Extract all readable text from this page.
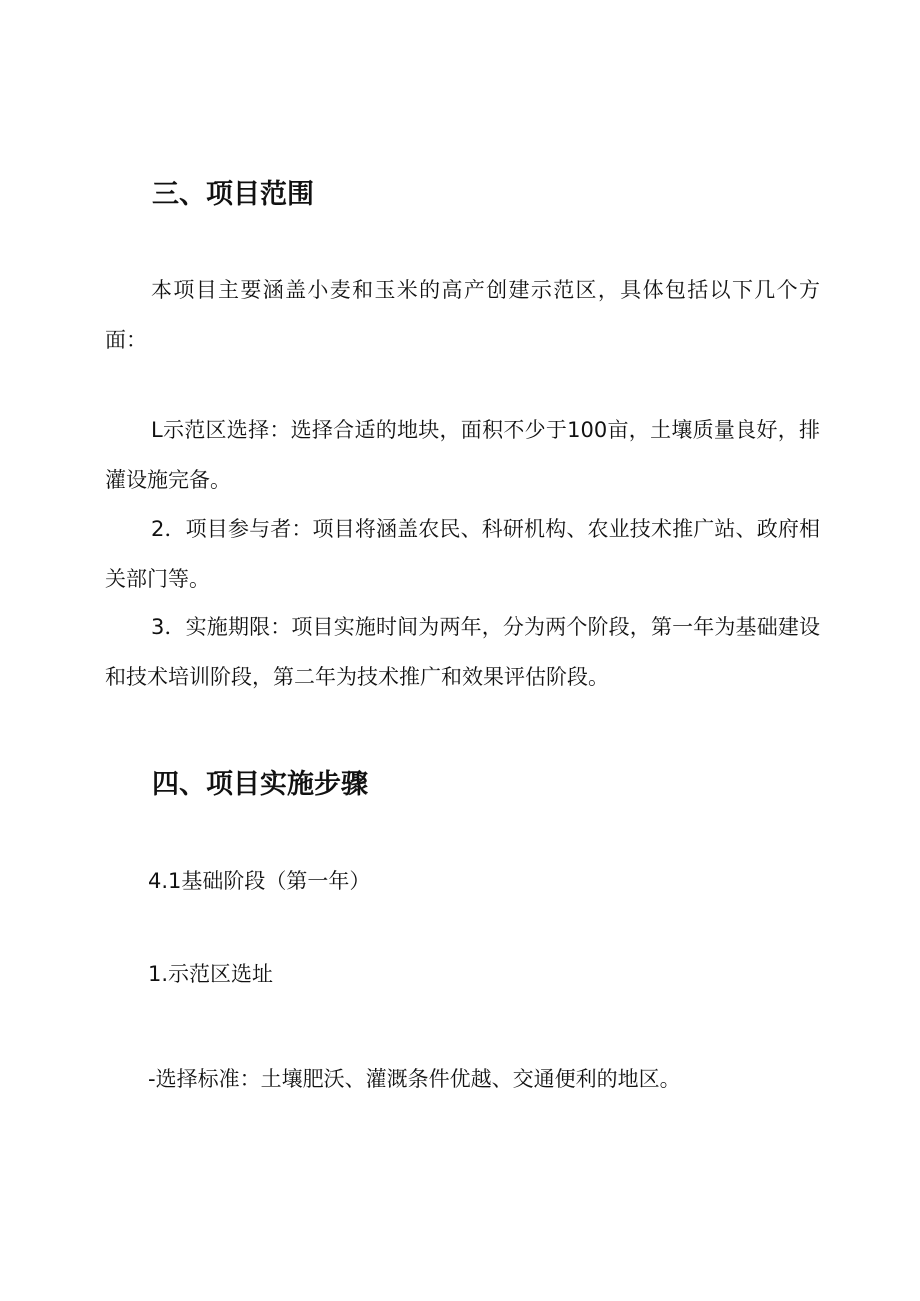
三、项目范围
本项目主要涵盖小麦和玉米的高产创建示范区，具体包括以下几个方面：
L示范区选择：选择合适的地块，面积不少于100亩，土壤质量良好，排灌设施完备。
2．项目参与者：项目将涵盖农民、科研机构、农业技术推广站、政府相关部门等。
3．实施期限：项目实施时间为两年，分为两个阶段，第一年为基础建设和技术培训阶段，第二年为技术推广和效果评估阶段。
四、项目实施步骤
4.1基础阶段（第一年）
1.示范区选址
-选择标准：土壤肥沃、灌溉条件优越、交通便利的地区。
